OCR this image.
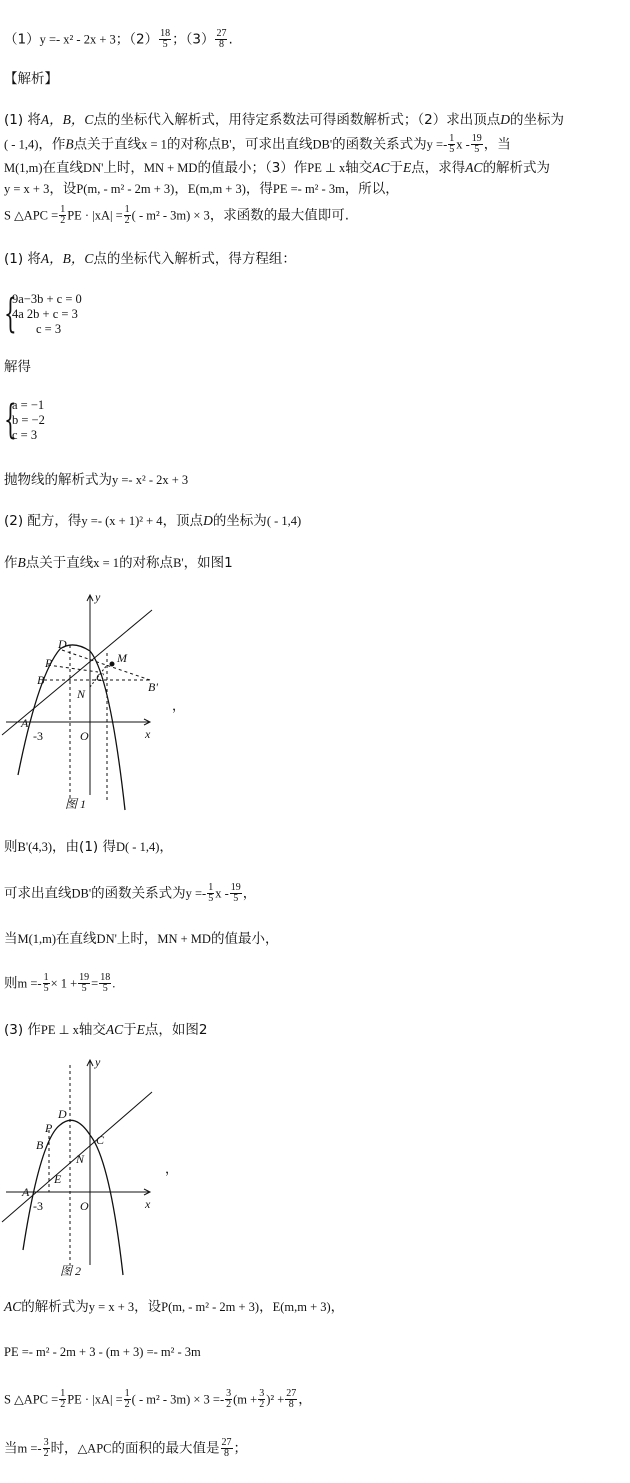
（1）y =- x² - 2x + 3；$(2) \frac{18}{5}$ ；$(3) \frac{27}{8}$ .
【解析】
(1) 将A，B，C点的坐标代入解析式，用待定系数法可得函数解析式；（2）求出顶点D的坐标为
( - 1,4)，作B点关于直线x = 1的对称点B'，可求出直线DB'的函数关系式为$y =- \frac{1}{5}$ x - $\frac{19}{5}$ ，当
M(1,m)在直线DN'上时，MN + MD的值最小；（3）作PE ⊥ x轴交AC于E点，求得AC的解析式为
y = x + 3，设P(m, - m² - 2m + 3)，E(m,m + 3)，得PE =- m² - 3m，所以，
S △APC = $\frac{1}{2}$ PE · $|xA| = \frac{1}{2}$ ( - m² - 3m) × 3，求函数的最大值即可.
(1) 将A，B，C点的坐标代入解析式，得方程组：
{
9a−3b + c = 0
4a 2b + c = 3
c = 3
解得
{
a = −1
b = −2
c = 3
抛物线的解析式为y =- x² - 2x + 3
(2) 配方，得y =- (x + 1)² + 4，顶点D的坐标为( - 1,4)
作B点关于直线x = 1的对称点B'，如图1
y
x
D
P	M
B	C
B'
N
A
O
-3
图 1
，
则B'(4,3)，由(1) 得D( - 1,4)，
可求出直线DB'的函数关系式为$y =- \frac{1}{5}$ x - $\frac{19}{5}$ ，
当M(1,m)在直线DN'上时，MN + MD的值最小，
则$m =- \frac{1}{5} \times 1 + \frac{19}{5} = \frac{18}{5}$ .
(3) 作PE ⊥ x轴交AC于E点，如图2
y
x
D
P
B	C
N
E
A
O
-3
图 2
，
AC的解析式为y = x + 3，设P(m, - m² - 2m + 3)，E(m,m + 3)，
PE =- m² - 2m + 3 - (m + 3) =- m² - 3m
S △APC = $\frac{1}{2}$ PE · $|xA| = \frac{1}{2}$ ( - $m^2 - 3m) \times 3 =- \frac{3}{2} (m + \frac{3}{2} )^2 + \frac{27}{8}$ ，
当$m =- \frac{3}{2}$ 时，△APC的面积的最大值是 $\frac{27}{8}$ ；
